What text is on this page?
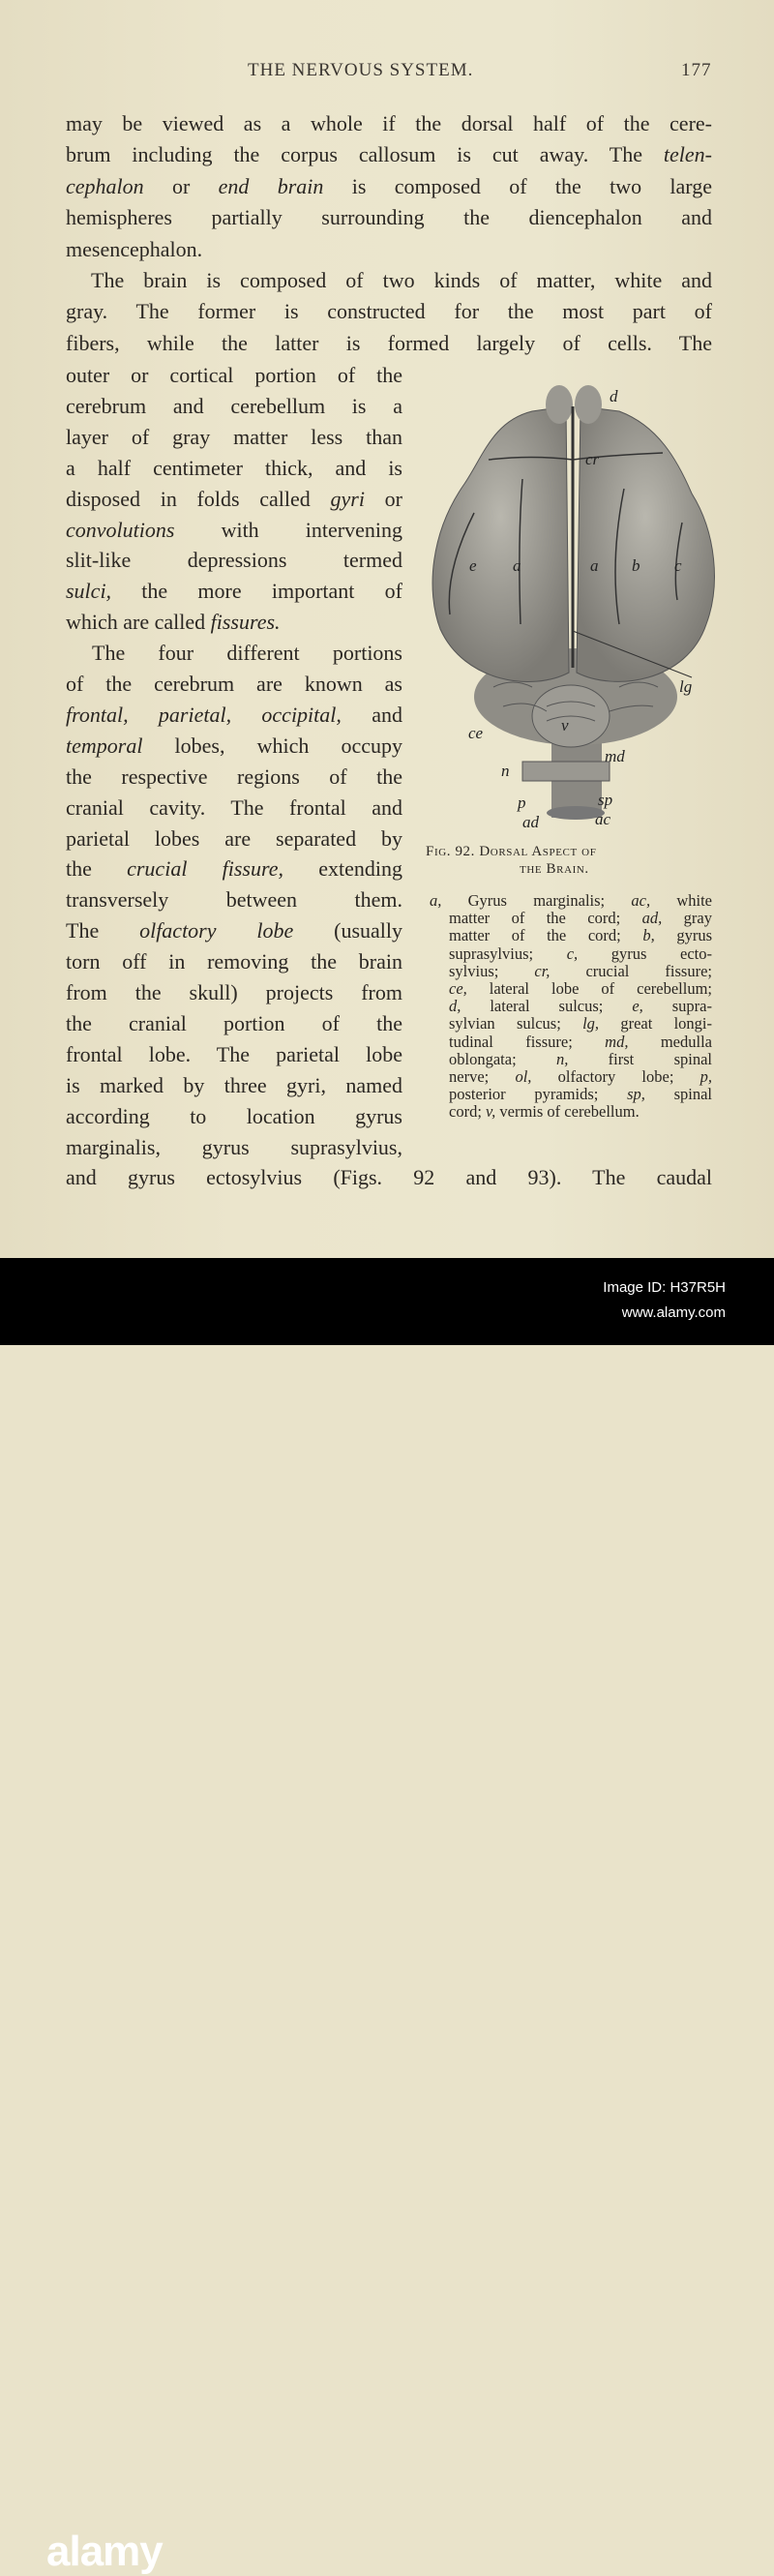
THE NERVOUS SYSTEM.	177
may be viewed as a whole if the dorsal half of the cere-
brum including the corpus callosum is cut away. The telen-
cephalon or end brain is composed of the two large
hemispheres partially surrounding the diencephalon and
mesencephalon.
The brain is composed of two kinds of matter, white and
gray. The former is constructed for the most part of
fibers, while the latter is formed largely of cells. The
outer or cortical portion of the
cerebrum and cerebellum is a
layer of gray matter less than
a half centimeter thick, and is
disposed in folds called gyri or
convolutions with intervening
slit-like depressions termed
sulci, the more important of
which are called fissures.
The four different portions
of the cerebrum are known as
frontal, parietal, occipital, and
temporal lobes, which occupy
the respective regions of the
cranial cavity. The frontal and
parietal lobes are separated by
the crucial fissure, extending
transversely between them.
The olfactory lobe (usually
torn off in removing the brain
from the skull) projects from
the cranial portion of the
frontal lobe. The parietal lobe
is marked by three gyri, named
according to location gyrus
marginalis, gyrus suprasylvius,
and gyrus ectosylvius (Figs. 92 and 93). The caudal
d
cr
e a	a b c
lg
ce	v
md
n
p	sp
ad	ac
Fig. 92. Dorsal Aspect of
the Brain.
a, Gyrus marginalis; ac, white
matter of the cord; ad, gray
matter of the cord; b, gyrus
suprasylvius; c, gyrus ecto-
sylvius; cr, crucial fissure;
ce, lateral lobe of cerebellum;
d, lateral sulcus; e, supra-
sylvian sulcus; lg, great longi-
tudinal fissure; md, medulla
oblongata; n, first spinal
nerve; ol, olfactory lobe; p,
posterior pyramids; sp, spinal
cord; v, vermis of cerebellum.
alamy
Image ID: H37R5H
www.alamy.com
